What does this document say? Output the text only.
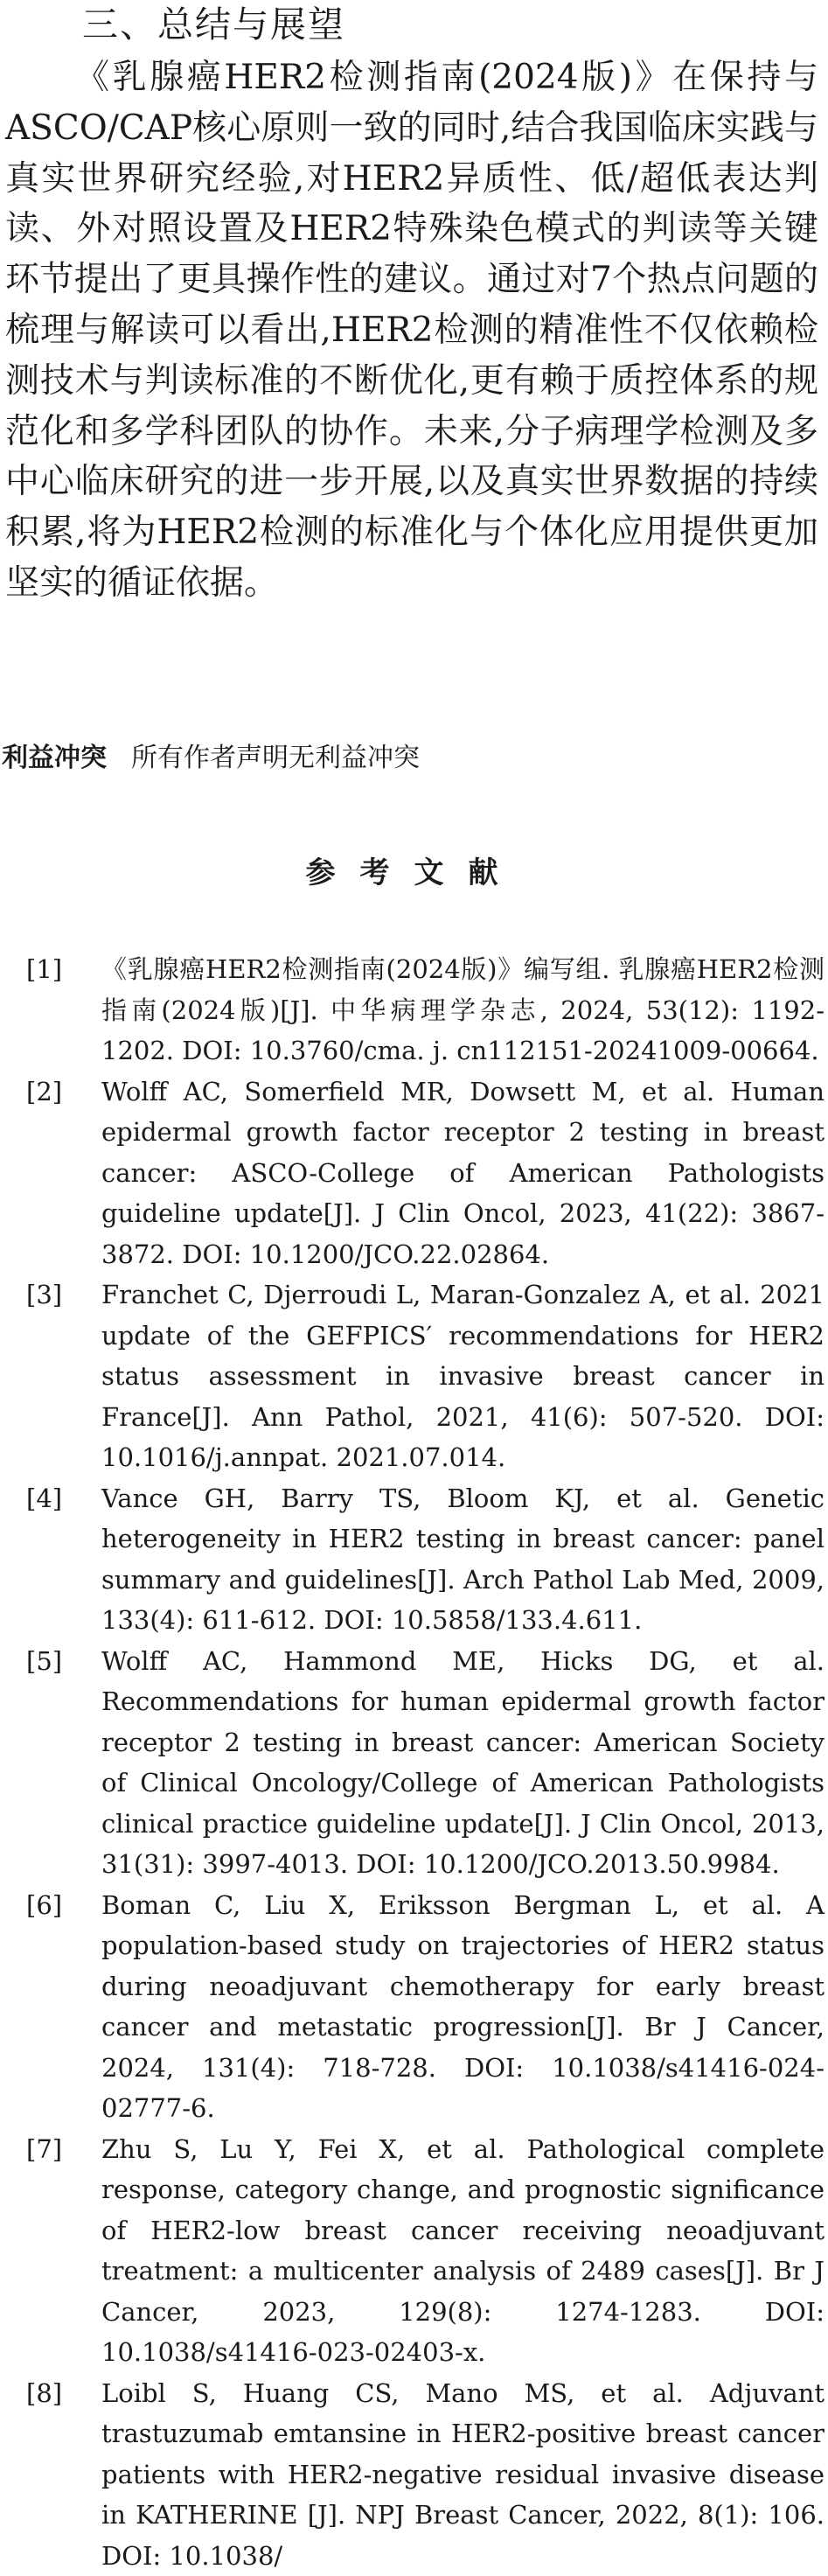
三、总结与展望

《乳腺癌HER2检测指南(2024版)》在保持与ASCO/CAP核心原则一致的同时,结合我国临床实践与真实世界研究经验,对HER2异质性、低/超低表达判读、外对照设置及HER2特殊染色模式的判读等关键环节提出了更具操作性的建议。通过对7个热点问题的梳理与解读可以看出,HER2检测的精准性不仅依赖检测技术与判读标准的不断优化,更有赖于质控体系的规范化和多学科团队的协作。未来,分子病理学检测及多中心临床研究的进一步开展,以及真实世界数据的持续积累,将为HER2检测的标准化与个体化应用提供更加坚实的循证依据。

利益冲突 所有作者声明无利益冲突
参考文献
[1] 《乳腺癌HER2检测指南(2024版)》编写组. 乳腺癌HER2检测指南(2024版)[J]. 中华病理学杂志, 2024, 53(12): 1192-1202. DOI: 10.3760/cma. j. cn112151-20241009-00664.
[2] Wolff AC, Somerfield MR, Dowsett M, et al. Human epidermal growth factor receptor 2 testing in breast cancer: ASCO-College of American Pathologists guideline update[J]. J Clin Oncol, 2023, 41(22): 3867-3872. DOI: 10.1200/JCO.22.02864.
[3] Franchet C, Djerroudi L, Maran-Gonzalez A, et al. 2021 update of the GEFPICS′ recommendations for HER2 status assessment in invasive breast cancer in France[J]. Ann Pathol, 2021, 41(6): 507-520. DOI: 10.1016/j.annpat. 2021.07.014.
[4] Vance GH, Barry TS, Bloom KJ, et al. Genetic heterogeneity in HER2 testing in breast cancer: panel summary and guidelines[J]. Arch Pathol Lab Med, 2009, 133(4): 611-612. DOI: 10.5858/133.4.611.
[5] Wolff AC, Hammond ME, Hicks DG, et al. Recommendations for human epidermal growth factor receptor 2 testing in breast cancer: American Society of Clinical Oncology/College of American Pathologists clinical practice guideline update[J]. J Clin Oncol, 2013, 31(31): 3997-4013. DOI: 10.1200/JCO.2013.50.9984.
[6] Boman C, Liu X, Eriksson Bergman L, et al. A population-based study on trajectories of HER2 status during neoadjuvant chemotherapy for early breast cancer and metastatic progression[J]. Br J Cancer, 2024, 131(4): 718-728. DOI: 10.1038/s41416-024-02777-6.
[7] Zhu S, Lu Y, Fei X, et al. Pathological complete response, category change, and prognostic significance of HER2-low breast cancer receiving neoadjuvant treatment: a multicenter analysis of 2489 cases[J]. Br J Cancer, 2023, 129(8): 1274-1283. DOI: 10.1038/s41416-023-02403-x.
[8] Loibl S, Huang CS, Mano MS, et al. Adjuvant trastuzumab emtansine in HER2-positive breast cancer patients with HER2-negative residual invasive disease in KATHERINE [J]. NPJ Breast Cancer, 2022, 8(1): 106. DOI: 10.1038/
